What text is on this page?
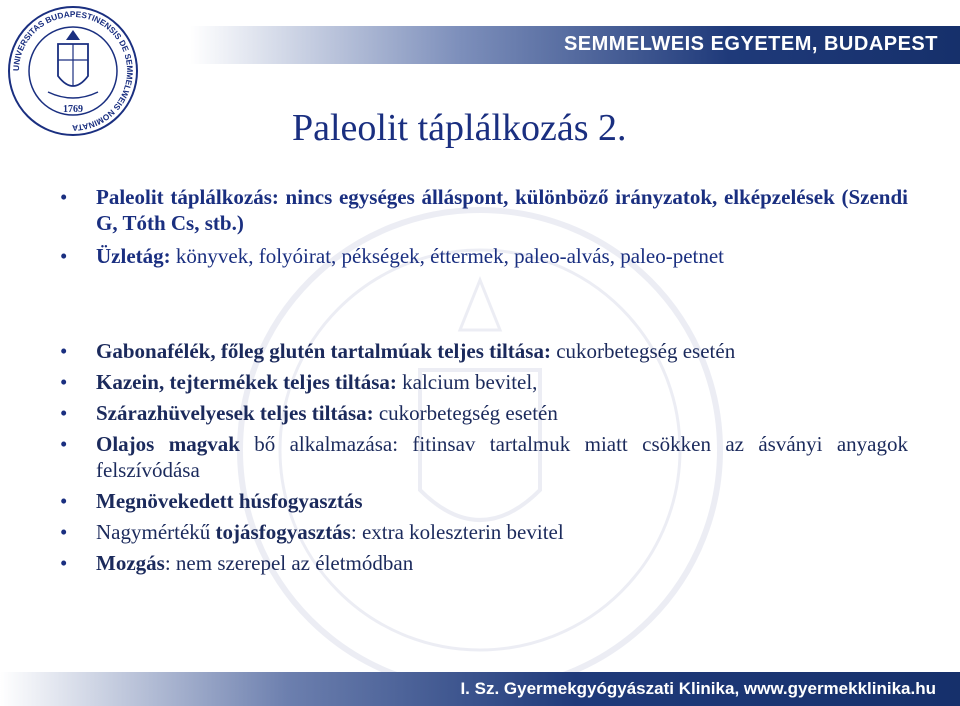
SEMMELWEIS EGYETEM, BUDAPEST
UNIVERSITAS BUDAPESTINENSIS DE SEMMELWEIS NOMINATA
1769	Paleolit táplálkozás 2.
• Paleolit táplálkozás: nincs egységes álláspont, különböző irányzatok, elképzelések (Szendi G, Tóth Cs, stb.)
• Üzletág: könyvek, folyóirat, pékségek, éttermek, paleo-alvás, paleo-petnet
• Gabonafélék, főleg glutén tartalmúak teljes tiltása: cukorbetegség esetén
• Kazein, tejtermékek teljes tiltása: kalcium bevitel,
• Szárazhüvelyesek teljes tiltása: cukorbetegség esetén
• Olajos magvak bő alkalmazása: fitinsav tartalmuk miatt csökken az ásványi anyagok felszívódása
• Megnövekedett húsfogyasztás
• Nagymértékű tojásfogyasztás: extra koleszterin bevitel
• Mozgás: nem szerepel az életmódban
I. Sz. Gyermekgyógyászati Klinika, www.gyermekklinika.hu
